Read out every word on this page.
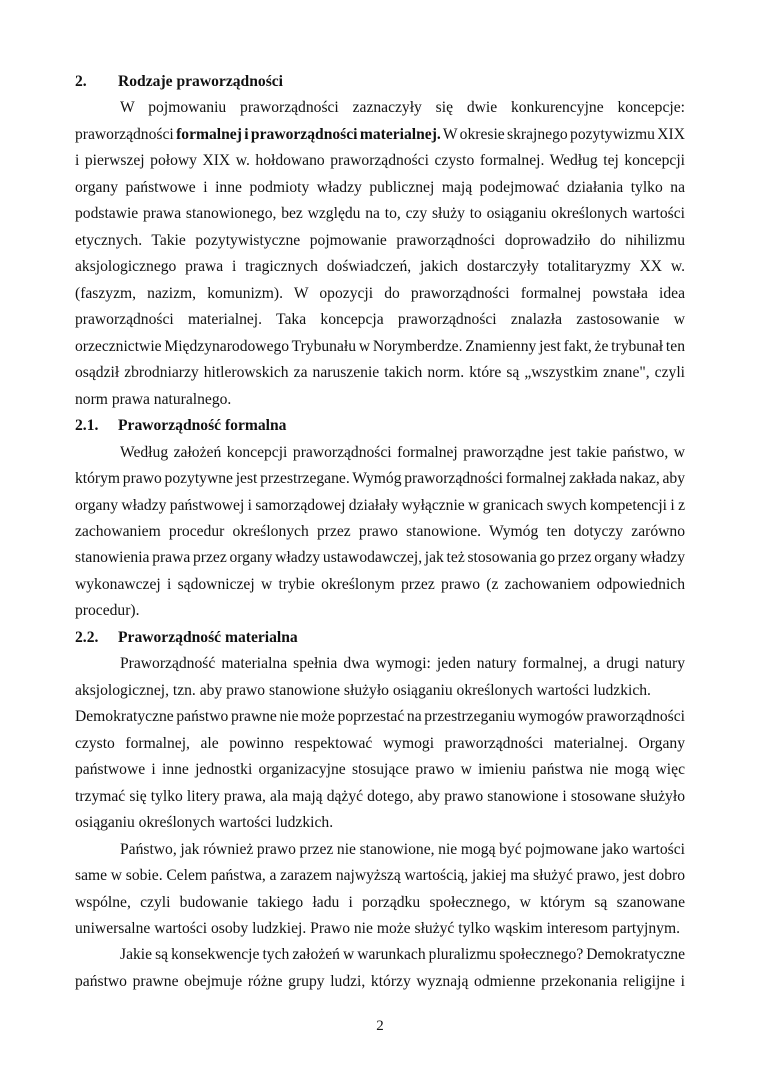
2. Rodzaje praworządności
W pojmowaniu praworządności zaznaczyły się dwie konkurencyjne koncepcje:
praworządności formalnej i praworządności materialnej. W okresie skrajnego pozytywizmu XIX
i pierwszej połowy XIX w. hołdowano praworządności czysto formalnej. Według tej koncepcji
organy państwowe i inne podmioty władzy publicznej mają podejmować działania tylko na
podstawie prawa stanowionego, bez względu na to, czy służy to osiąganiu określonych wartości
etycznych. Takie pozytywistyczne pojmowanie praworządności doprowadziło do nihilizmu
aksjologicznego prawa i tragicznych doświadczeń, jakich dostarczyły totalitaryzmy XX w.
(faszyzm, nazizm, komunizm). W opozycji do praworządności formalnej powstała idea
praworządności materialnej. Taka koncepcja praworządności znalazła zastosowanie w
orzecznictwie Międzynarodowego Trybunału w Norymberdze. Znamienny jest fakt, że trybunał ten
osądził zbrodniarzy hitlerowskich za naruszenie takich norm. które są „wszystkim znane", czyli
norm prawa naturalnego.
2.1. Praworządność formalna
Według założeń koncepcji praworządności formalnej praworządne jest takie państwo, w
którym prawo pozytywne jest przestrzegane. Wymóg praworządności formalnej zakłada nakaz, aby
organy władzy państwowej i samorządowej działały wyłącznie w granicach swych kompetencji i z
zachowaniem procedur określonych przez prawo stanowione. Wymóg ten dotyczy zarówno
stanowienia prawa przez organy władzy ustawodawczej, jak też stosowania go przez organy władzy
wykonawczej i sądowniczej w trybie określonym przez prawo (z zachowaniem odpowiednich
procedur).
2.2. Praworządność materialna
Praworządność materialna spełnia dwa wymogi: jeden natury formalnej, a drugi natury
aksjologicznej, tzn. aby prawo stanowione służyło osiąganiu określonych wartości ludzkich.
Demokratyczne państwo prawne nie może poprzestać na przestrzeganiu wymogów praworządności
czysto formalnej, ale powinno respektować wymogi praworządności materialnej. Organy
państwowe i inne jednostki organizacyjne stosujące prawo w imieniu państwa nie mogą więc
trzymać się tylko litery prawa, ala mają dążyć dotego, aby prawo stanowione i stosowane służyło
osiąganiu określonych wartości ludzkich.
Państwo, jak również prawo przez nie stanowione, nie mogą być pojmowane jako wartości
same w sobie. Celem państwa, a zarazem najwyższą wartością, jakiej ma służyć prawo, jest dobro
wspólne, czyli budowanie takiego ładu i porządku społecznego, w którym są szanowane
uniwersalne wartości osoby ludzkiej. Prawo nie może służyć tylko wąskim interesom partyjnym.
Jakie są konsekwencje tych założeń w warunkach pluralizmu społecznego? Demokratyczne
państwo prawne obejmuje różne grupy ludzi, którzy wyznają odmienne przekonania religijne i
2
